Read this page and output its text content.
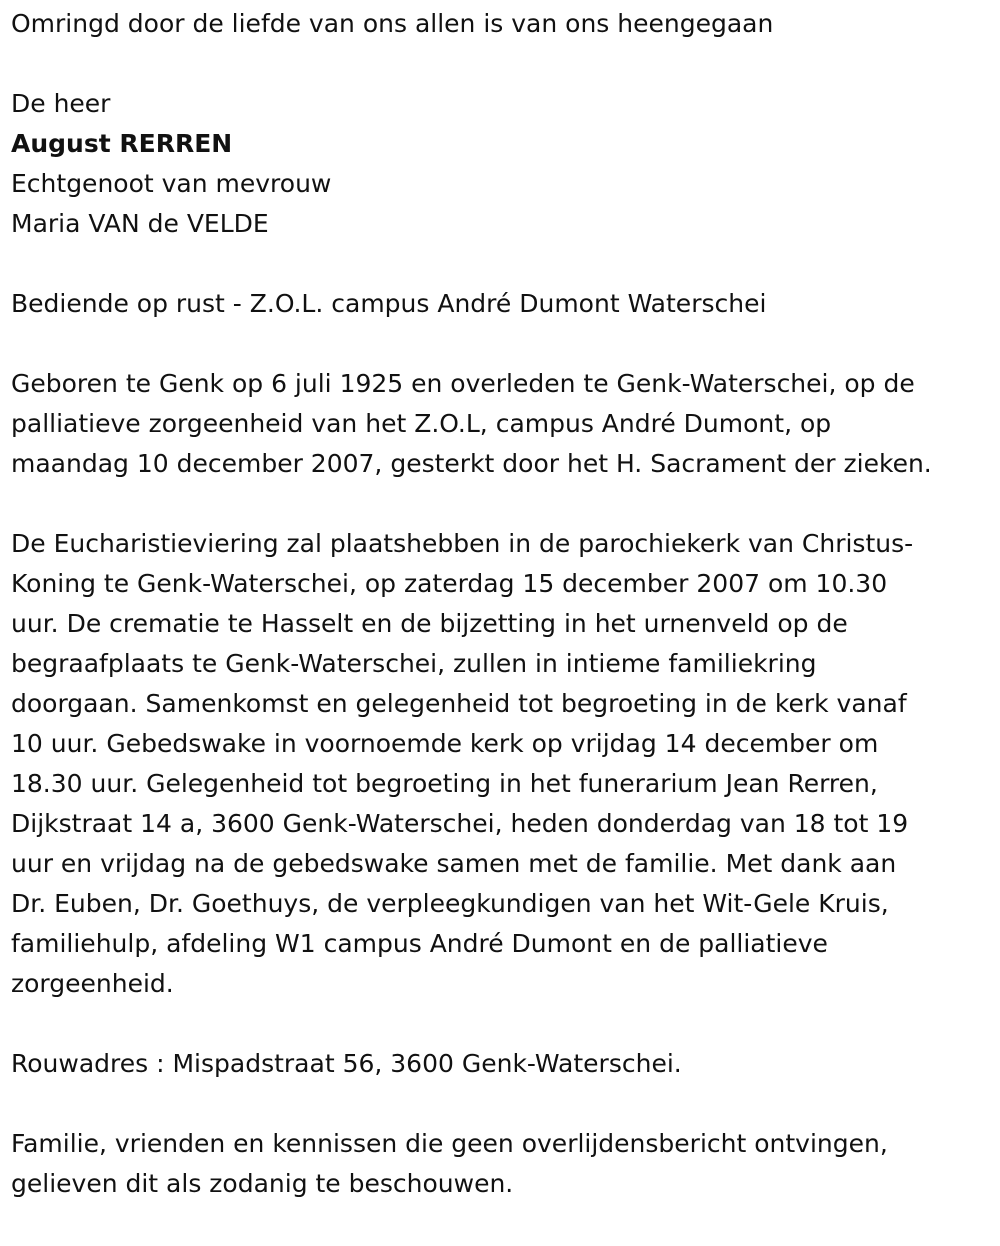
Omringd door de liefde van ons allen is van ons heengegaan
De heer
August RERREN
Echtgenoot van mevrouw
Maria VAN de VELDE
Bediende op rust - Z.O.L. campus André Dumont Waterschei
Geboren te Genk op 6 juli 1925 en overleden te Genk-Waterschei, op de
palliatieve zorgeenheid van het Z.O.L, campus André Dumont, op
maandag 10 december 2007, gesterkt door het H. Sacrament der zieken.
De Eucharistieviering zal plaatshebben in de parochiekerk van Christus-
Koning te Genk-Waterschei, op zaterdag 15 december 2007 om 10.30
uur. De crematie te Hasselt en de bijzetting in het urnenveld op de
begraafplaats te Genk-Waterschei, zullen in intieme familiekring
doorgaan. Samenkomst en gelegenheid tot begroeting in de kerk vanaf
10 uur. Gebedswake in voornoemde kerk op vrijdag 14 december om
18.30 uur. Gelegenheid tot begroeting in het funerarium Jean Rerren,
Dijkstraat 14 a, 3600 Genk-Waterschei, heden donderdag van 18 tot 19
uur en vrijdag na de gebedswake samen met de familie. Met dank aan
Dr. Euben, Dr. Goethuys, de verpleegkundigen van het Wit-Gele Kruis,
familiehulp, afdeling W1 campus André Dumont en de palliatieve
zorgeenheid.
Rouwadres : Mispadstraat 56, 3600 Genk-Waterschei.
Familie, vrienden en kennissen die geen overlijdensbericht ontvingen,
gelieven dit als zodanig te beschouwen.
